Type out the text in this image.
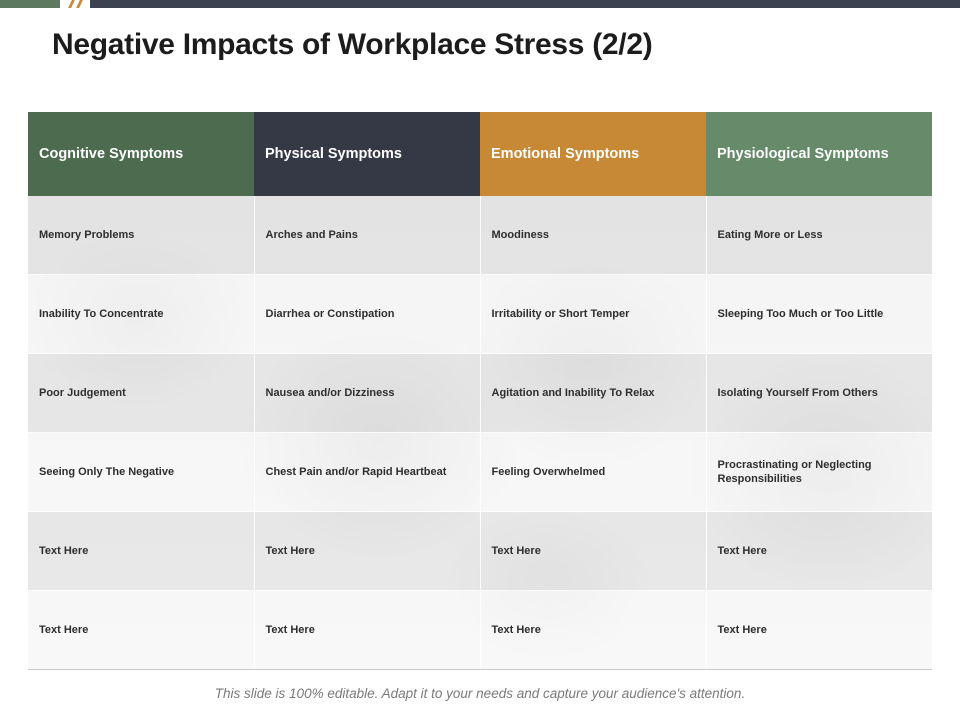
Negative Impacts of Workplace Stress (2/2)
Cognitive Symptoms	Physical Symptoms	Emotional Symptoms	Physiological Symptoms
Memory Problems	Arches and Pains	Moodiness	Eating More or Less
Inability To Concentrate	Diarrhea or Constipation	Irritability or Short Temper	Sleeping Too Much or Too Little
Poor Judgement	Nausea and/or Dizziness	Agitation and Inability To Relax	Isolating Yourself From Others
Seeing Only The Negative	Chest Pain and/or Rapid Heartbeat	Feeling Overwhelmed	Procrastinating or Neglecting Responsibilities
Text Here	Text Here	Text Here	Text Here
Text Here	Text Here	Text Here	Text Here
This slide is 100% editable. Adapt it to your needs and capture your audience's attention.
